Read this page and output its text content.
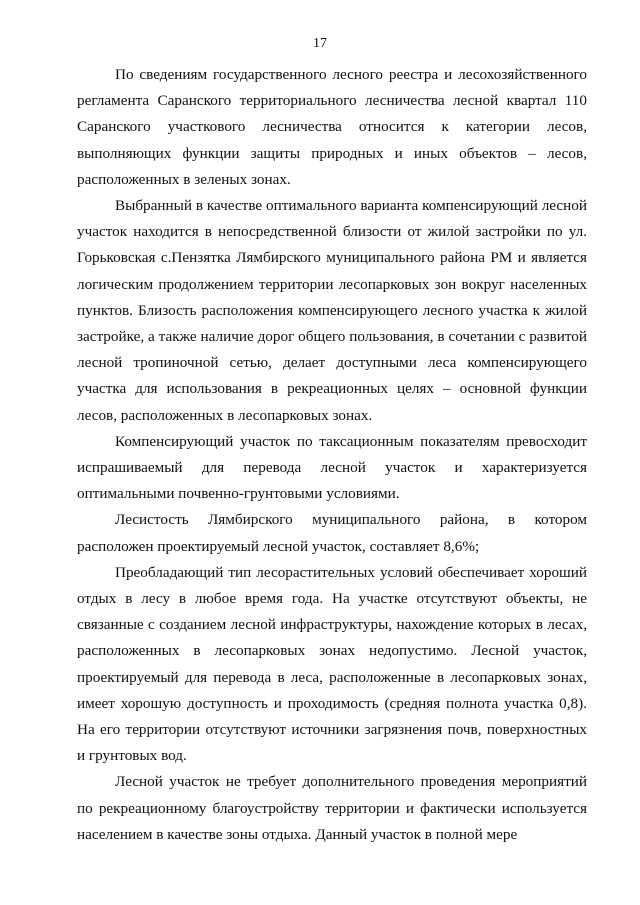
17

По сведениям государственного лесного реестра и лесохозяйственного регламента Саранского территориального лесничества лесной квартал 110 Саранского участкового лесничества относится к категории лесов, выполняющих функции защиты природных и иных объектов – лесов, расположенных в зеленых зонах.

Выбранный в качестве оптимального варианта компенсирующий лесной участок находится в непосредственной близости от жилой застройки по ул. Горьковская с.Пензятка Лямбирского муниципального района РМ и является логическим продолжением территории лесопарковых зон вокруг населенных пунктов. Близость расположения компенсирующего лесного участка к жилой застройке, а также наличие дорог общего пользования, в сочетании с развитой лесной тропиночной сетью, делает доступными леса компенсирующего участка для использования в рекреационных целях – основной функции лесов, расположенных в лесопарковых зонах.

Компенсирующий участок по таксационным показателям превосходит испрашиваемый для перевода лесной участок и характеризуется оптимальными почвенно-грунтовыми условиями.

Лесистость Лямбирского муниципального района, в котором расположен проектируемый лесной участок, составляет 8,6%;

Преобладающий тип лесорастительных условий обеспечивает хороший отдых в лесу в любое время года. На участке отсутствуют объекты, не связанные с созданием лесной инфраструктуры, нахождение которых в лесах, расположенных в лесопарковых зонах недопустимо. Лесной участок, проектируемый для перевода в леса, расположенные в лесопарковых зонах, имеет хорошую доступность и проходимость (средняя полнота участка 0,8). На его территории отсутствуют источники загрязнения почв, поверхностных и грунтовых вод.

Лесной участок не требует дополнительного проведения мероприятий по рекреационному благоустройству территории и фактически используется населением в качестве зоны отдыха. Данный участок в полной мере
